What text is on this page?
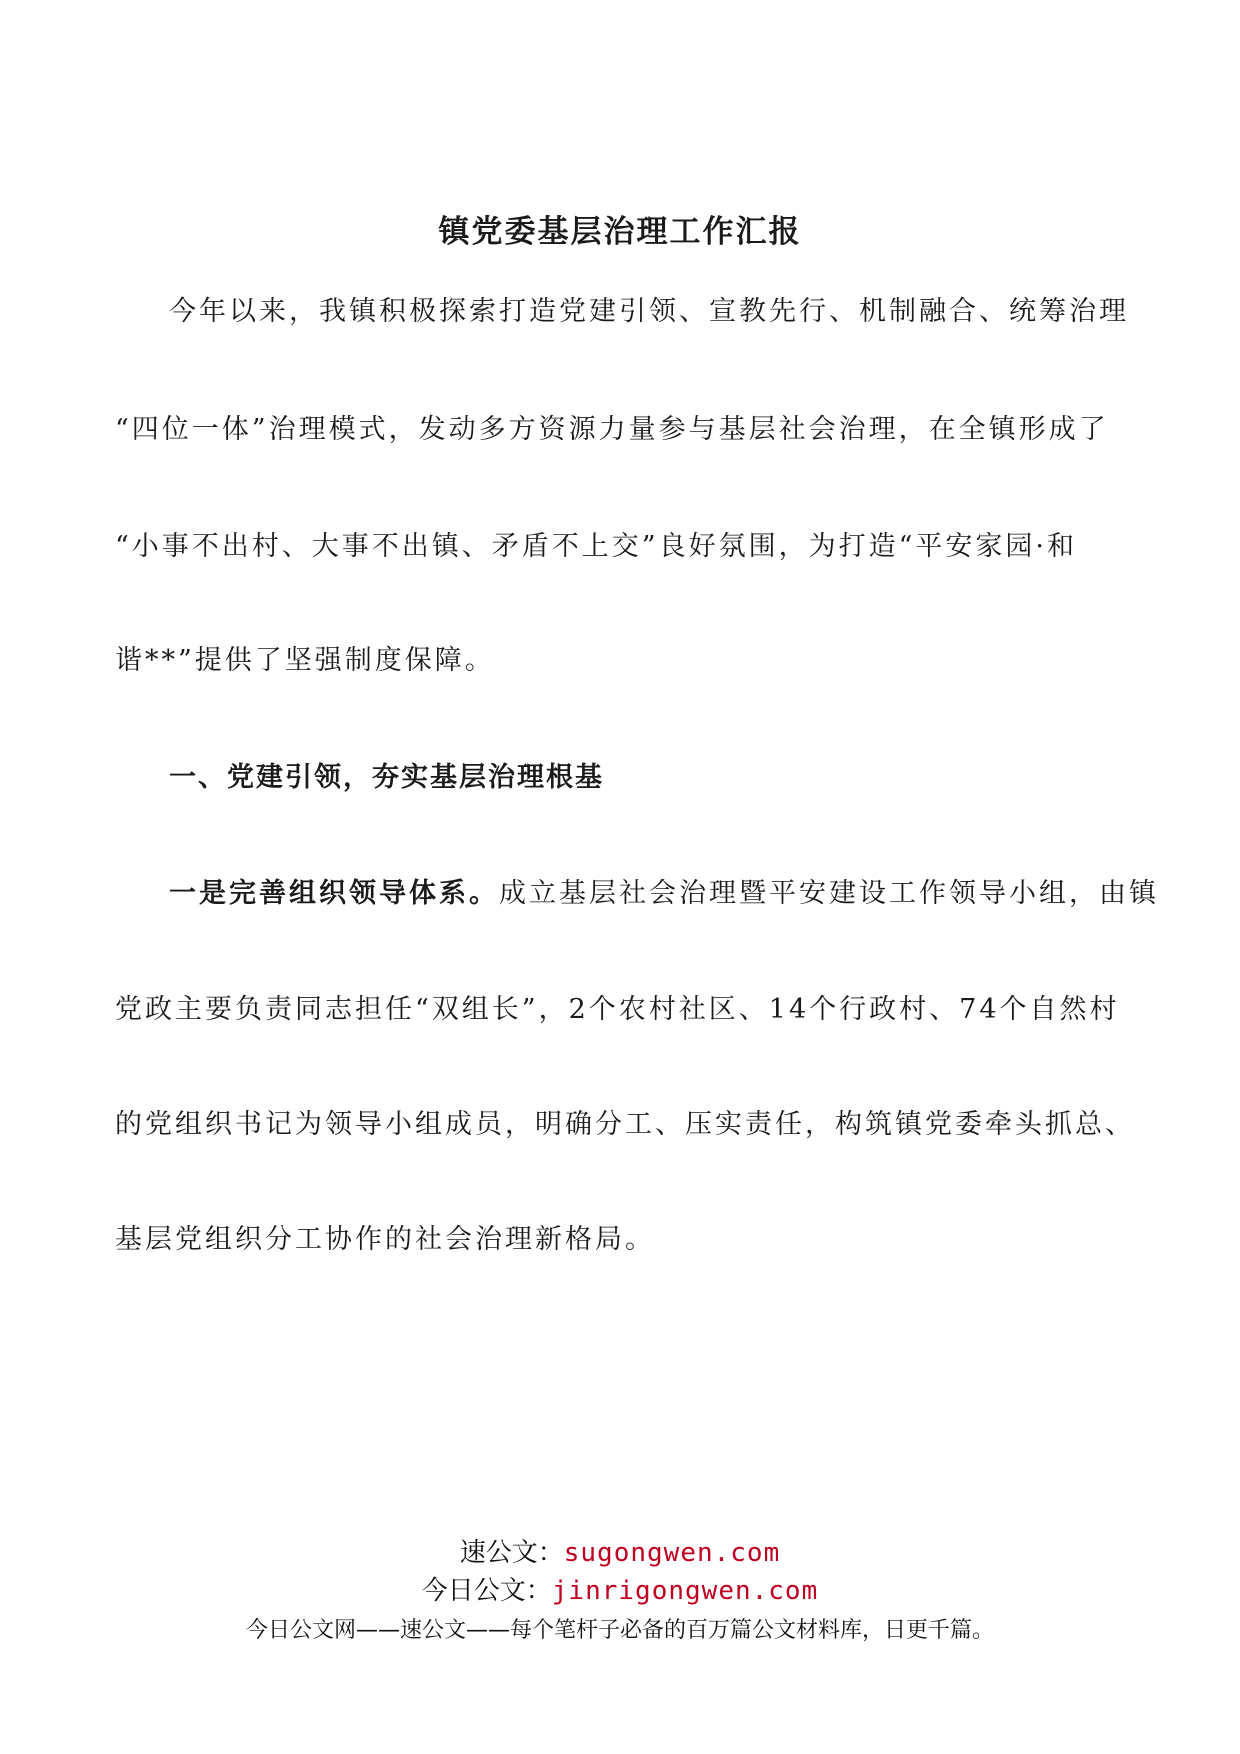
镇党委基层治理工作汇报
今年以来，我镇积极探索打造党建引领、宣教先行、机制融合、统筹治理
“四位一体”治理模式，发动多方资源力量参与基层社会治理，在全镇形成了
“小事不出村、大事不出镇、矛盾不上交”良好氛围，为打造“平安家园·和
谐**”提供了坚强制度保障。
一、党建引领，夯实基层治理根基
一是完善组织领导体系。成立基层社会治理暨平安建设工作领导小组，由镇
党政主要负责同志担任“双组长”，2个农村社区、14个行政村、74个自然村
的党组织书记为领导小组成员，明确分工、压实责任，构筑镇党委牵头抓总、
基层党组织分工协作的社会治理新格局。
速公文：sugongwen.com
今日公文：jinrigongwen.com
今日公文网——速公文——每个笔杆子必备的百万篇公文材料库，日更千篇。
